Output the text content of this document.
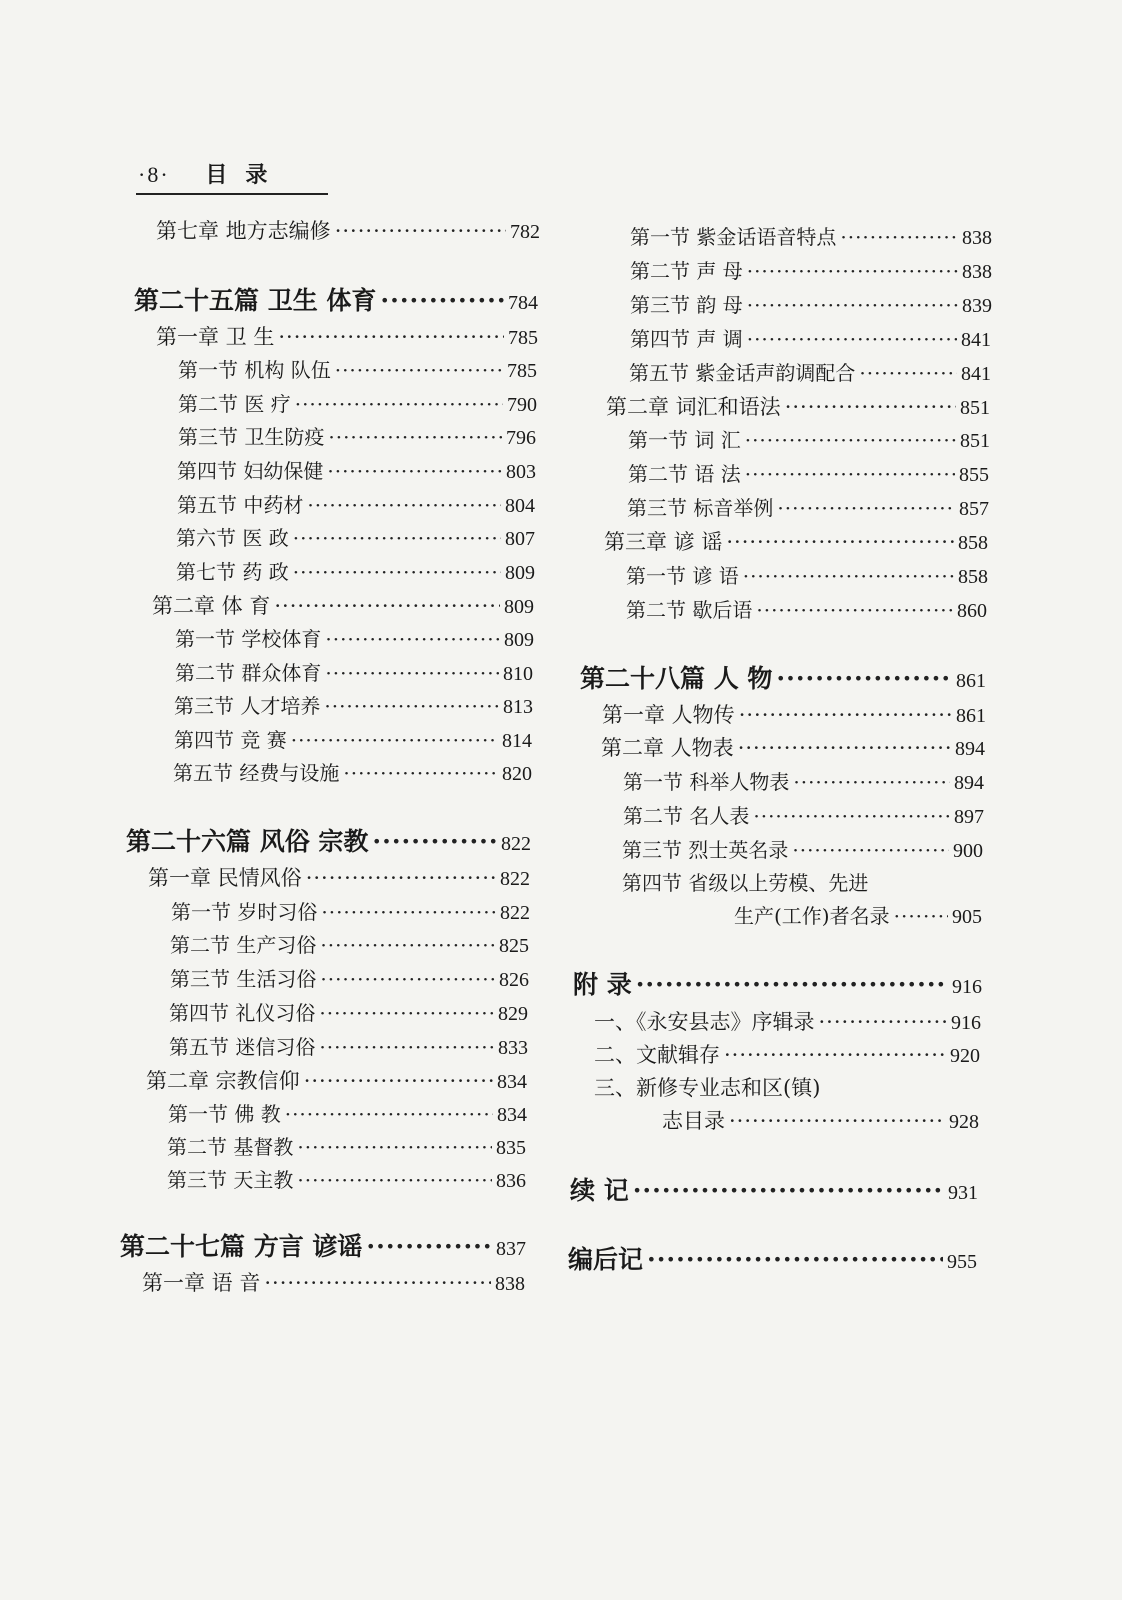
·8· 目录
第七章 地方志编修 ·····	782
第二十五篇 卫生 体育 ·····	784
第一章 卫 生 ·····	785
第一节 机构 队伍 ·····	785
第二节 医 疗 ·····	790
第三节 卫生防疫 ·····	796
第四节 妇幼保健 ·····	803
第五节 中药材 ·····	804
第六节 医 政 ·····	807
第七节 药 政 ·····	809
第二章 体 育 ·····	809
第一节 学校体育 ·····	809
第二节 群众体育 ·····	810
第三节 人才培养 ·····	813
第四节 竞 赛 ·····	814
第五节 经费与设施 ·····	820
第二十六篇 风俗 宗教 ·····	822
第一章 民情风俗 ·····	822
第一节 岁时习俗 ·····	822
第二节 生产习俗 ·····	825
第三节 生活习俗 ·····	826
第四节 礼仪习俗 ·····	829
第五节 迷信习俗 ·····	833
第二章 宗教信仰 ·····	834
第一节 佛 教 ·····	834
第二节 基督教 ·····	835
第三节 天主教 ·····	836
第二十七篇 方言 谚谣 ·····	837
第一章 语 音 ·····	838
第一节 紫金话语音特点 ·····	838
第二节 声 母 ·····	838
第三节 韵 母 ·····	839
第四节 声 调 ·····	841
第五节 紫金话声韵调配合 ·····	841
第二章 词汇和语法 ·····	851
第一节 词 汇 ·····	851
第二节 语 法 ·····	855
第三节 标音举例 ·····	857
第三章 谚 谣 ·····	858
第一节 谚 语 ·····	858
第二节 歇后语 ·····	860
第二十八篇 人 物 ·····	861
第一章 人物传 ·····	861
第二章 人物表 ·····	894
第一节 科举人物表 ·····	894
第二节 名人表 ·····	897
第三节 烈士英名录 ·····	900
第四节 省级以上劳模、先进
生产(工作)者名录 ·····	905
附 录 ·····	916
一、《永安县志》序辑录 ·····	916
二、文献辑存 ·····	920
三、新修专业志和区(镇)
志目录 ·····	928
续 记 ·····	931
编后记 ·····	955
